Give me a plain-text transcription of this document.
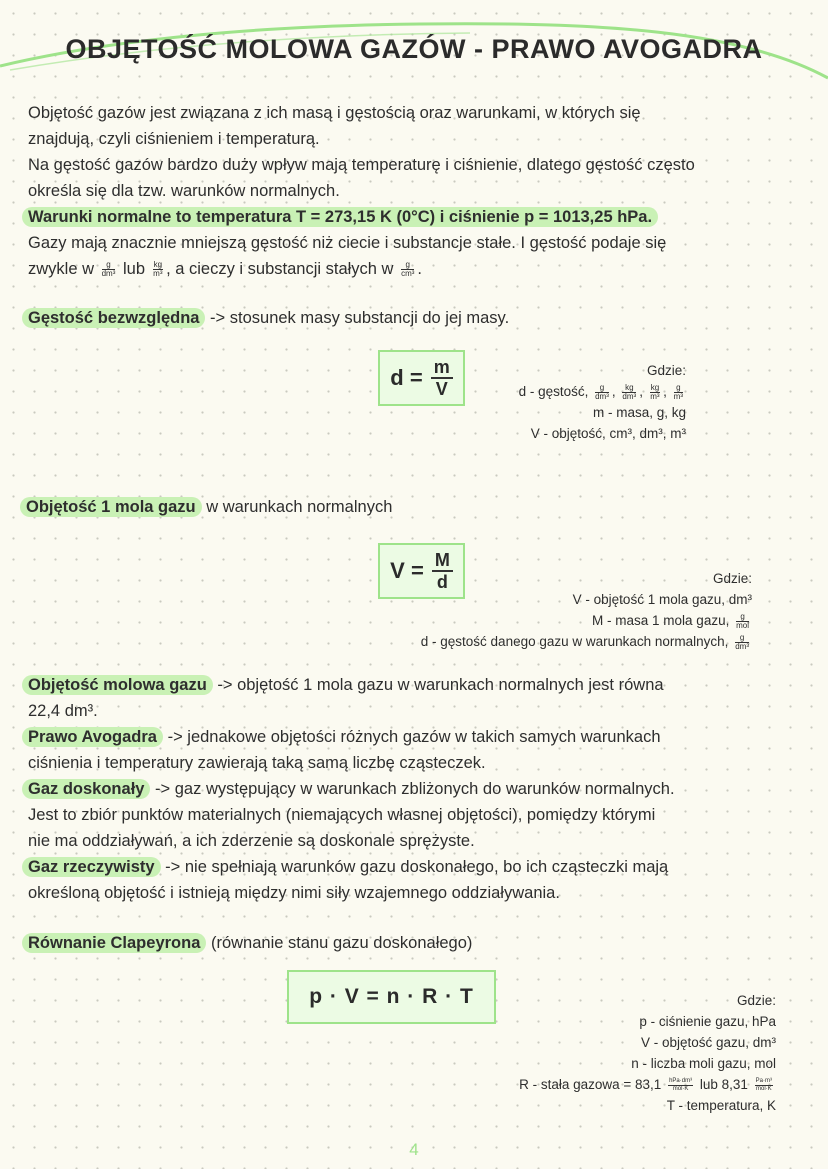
OBJĘTOŚĆ MOLOWA GAZÓW - PRAWO AVOGADRA
Objętość gazów jest związana z ich masą i gęstością oraz warunkami, w których się
znajdują, czyli ciśnieniem i temperaturą.
Na gęstość gazów bardzo duży wpływ mają temperaturę i ciśnienie, dlatego gęstość często
określa się dla tzw. warunków normalnych.
Warunki normalne to temperatura T = 273,15 K (0°C) i ciśnienie p = 1013,25 hPa.
Gazy mają znacznie mniejszą gęstość niż ciecie i substancje stałe. I gęstość podaje się
zwykle w $\frac{g}{\text{dm³}}$ lub $\frac{kg}{\text{m³}}$ , a cieczy i substancji stałych w $\frac{g}{\text{cm³}}$ .
Gęstość bezwzględna -> stosunek masy substancji do jej masy.
$d = \frac{m}{V}$	Gdzie:
d - gęstość, $\frac{g}{\text{dm³}}$ , $\frac{kg}{\text{dm³}}$ , $\frac{kg}{\text{m³}}$ , $\frac{g}{\text{m³}}$
m - masa, g, kg
V - objętość, cm³, dm³, m³
Objętość 1 mola gazu w warunkach normalnych
$V = \frac{M}{d}$	Gdzie:
V - objętość 1 mola gazu, dm³
M - masa 1 mola gazu, $\frac{g}{\text{mol}}$
d - gęstość danego gazu w warunkach normalnych, $\frac{g}{\text{dm³}}$
Objętość molowa gazu -> objętość 1 mola gazu w warunkach normalnych jest równa
22,4 dm³.
Prawo Avogadra -> jednakowe objętości różnych gazów w takich samych warunkach
ciśnienia i temperatury zawierają taką samą liczbę cząsteczek.
Gaz doskonały -> gaz występujący w warunkach zbliżonych do warunków normalnych.
Jest to zbiór punktów materialnych (niemających własnej objętości), pomiędzy którymi
nie ma oddziaływań, a ich zderzenie są doskonale sprężyste.
Gaz rzeczywisty -> nie spełniają warunków gazu doskonałego, bo ich cząsteczki mają
określoną objętość i istnieją między nimi siły wzajemnego oddziaływania.
Równanie Clapeyrona (równanie stanu gazu doskonałego)
p · V = n · R · T	Gdzie:
p - ciśnienie gazu, hPa
V - objętość gazu, dm³
n - liczba moli gazu, mol
R - stała gazowa = $83,1 \frac{\text{hPa·dm³}}{\text{mol·K}}$ lub $8,31 \frac{\text{Pa·m³}}{\text{mol·K}}$
T - temperatura, K
4
